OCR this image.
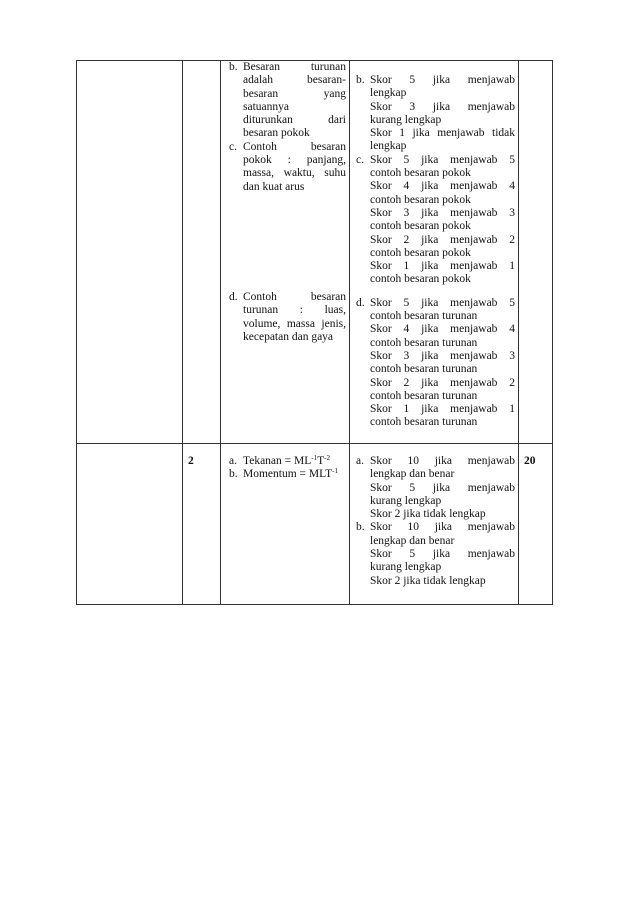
b. Besaran turunan
adalah besaran-
besaran yang
satuannya
diturunkan dari
besaran pokok
c. Contoh besaran
pokok : panjang,
massa, waktu, suhu
dan kuat arus
d. Contoh besaran
turunan : luas,
volume, massa jenis,
kecepatan dan gaya
b. Skor 5 jika menjawab
lengkap
Skor 3 jika menjawab
kurang lengkap
Skor 1 jika menjawab tidak
lengkap
c. Skor 5 jika menjawab 5
contoh besaran pokok
Skor 4 jika menjawab 4
contoh besaran pokok
Skor 3 jika menjawab 3
contoh besaran pokok
Skor 2 jika menjawab 2
contoh besaran pokok
Skor 1 jika menjawab 1
contoh besaran pokok
d. Skor 5 jika menjawab 5
contoh besaran turunan
Skor 4 jika menjawab 4
contoh besaran turunan
Skor 3 jika menjawab 3
contoh besaran turunan
Skor 2 jika menjawab 2
contoh besaran turunan
Skor 1 jika menjawab 1
contoh besaran turunan
2	20
a. Tekanan = $ML^{-1}T^{-2}$
b. Momentum = $MLT^{-1}$
a. Skor 10 jika menjawab
lengkap dan benar
Skor 5 jika menjawab
kurang lengkap
Skor 2 jika tidak lengkap
b. Skor 10 jika menjawab
lengkap dan benar
Skor 5 jika menjawab
kurang lengkap
Skor 2 jika tidak lengkap
